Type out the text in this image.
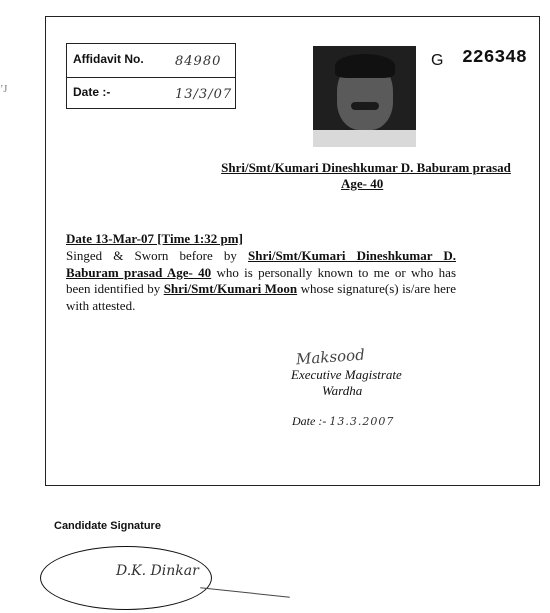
’J
Affidavit No. 84980
Date :-	13/3/07
G 226348
Shri/Smt/Kumari Dineshkumar D. Baburam prasad
Age- 40
Date 13-Mar-07 [Time 1:32 pm]
Singed & Sworn before by Shri/Smt/Kumari Dineshkumar D. Baburam prasad Age- 40 who is personally known to me or who has been identified by Shri/Smt/Kumari Moon whose signature(s) is/are here with attested.
Maksood
Executive Magistrate
Wardha
Date :- 13.3.2007
Candidate Signature
D.K. Dinkar
